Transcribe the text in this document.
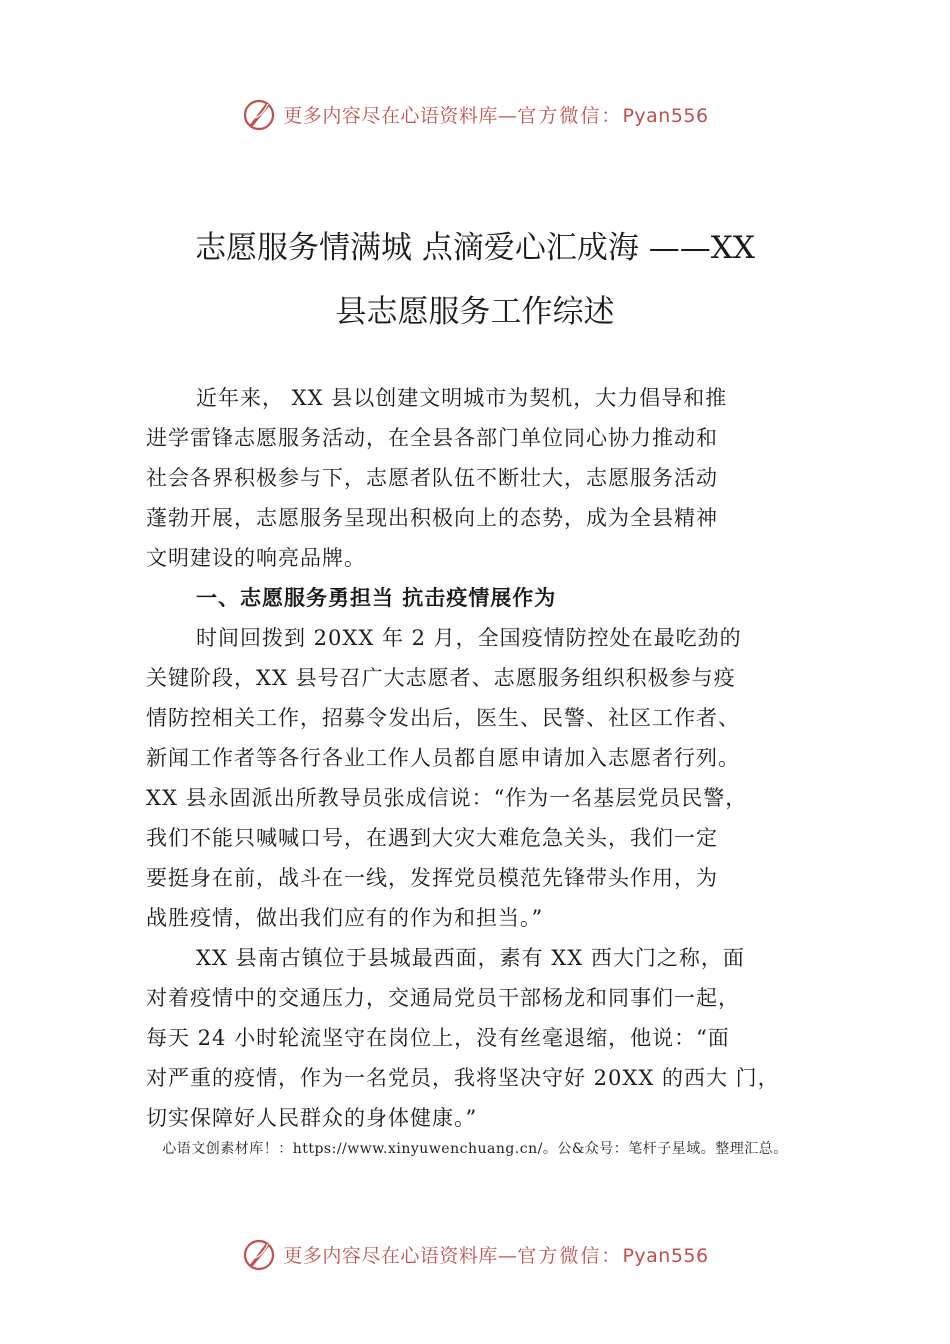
更多内容尽在心语资料库—官方微信：Pyan556
志愿服务情满城 点滴爱心汇成海 ——XX
县志愿服务工作综述

近年来， XX 县以创建文明城市为契机，大力倡导和推

进学雷锋志愿服务活动，在全县各部门单位同心协力推动和

社会各界积极参与下，志愿者队伍不断壮大，志愿服务活动

蓬勃开展，志愿服务呈现出积极向上的态势，成为全县精神

文明建设的响亮品牌。

一、志愿服务勇担当 抗击疫情展作为

时间回拨到 20XX 年 2 月，全国疫情防控处在最吃劲的

关键阶段，XX 县号召广大志愿者、志愿服务组织积极参与疫

情防控相关工作，招募令发出后，医生、民警、社区工作者、

新闻工作者等各行各业工作人员都自愿申请加入志愿者行列。

XX 县永固派出所教导员张成信说：“作为一名基层党员民警，

我们不能只喊喊口号，在遇到大灾大难危急关头，我们一定

要挺身在前，战斗在一线，发挥党员模范先锋带头作用，为

战胜疫情，做出我们应有的作为和担当。”

XX 县南古镇位于县城最西面，素有 XX 西大门之称，面

对着疫情中的交通压力，交通局党员干部杨龙和同事们一起，

每天 24 小时轮流坚守在岗位上，没有丝毫退缩，他说：“面

对严重的疫情，作为一名党员，我将坚决守好 20XX 的西大 门，

切实保障好人民群众的身体健康。”

心语文创素材库！：https://www.xinyuwenchuang.cn/。公&众号：笔杆子星域。整理汇总。
更多内容尽在心语资料库—官方微信：Pyan556
